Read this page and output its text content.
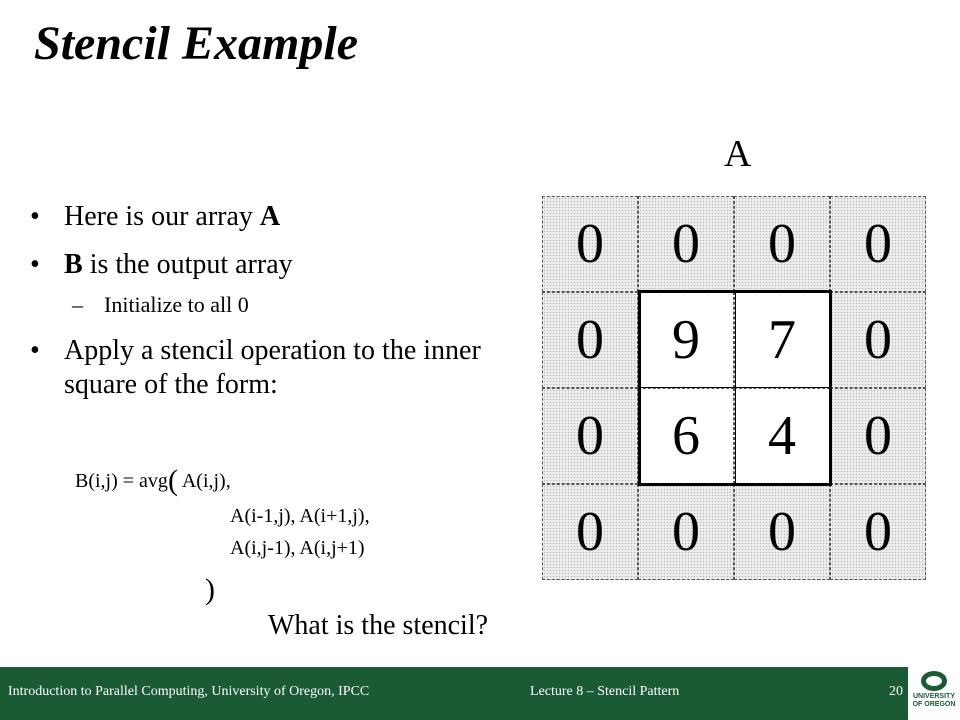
Stencil Example
• Here is our array A
• B is the output array
– Initialize to all 0
• Apply a stencil operation to the inner square of the form:
B(i,j) = avg( A(i,j),
A(i-1,j), A(i+1,j),
A(i,j-1), A(i,j+1)
)
What is the stencil?
A
0	0	0	0
0	9	7	0
0	6	4	0
0	0	0	0
Introduction to Parallel Computing, University of Oregon, IPCC	Lecture 8 – Stencil Pattern	20 UNIVERSITY
OF OREGON
